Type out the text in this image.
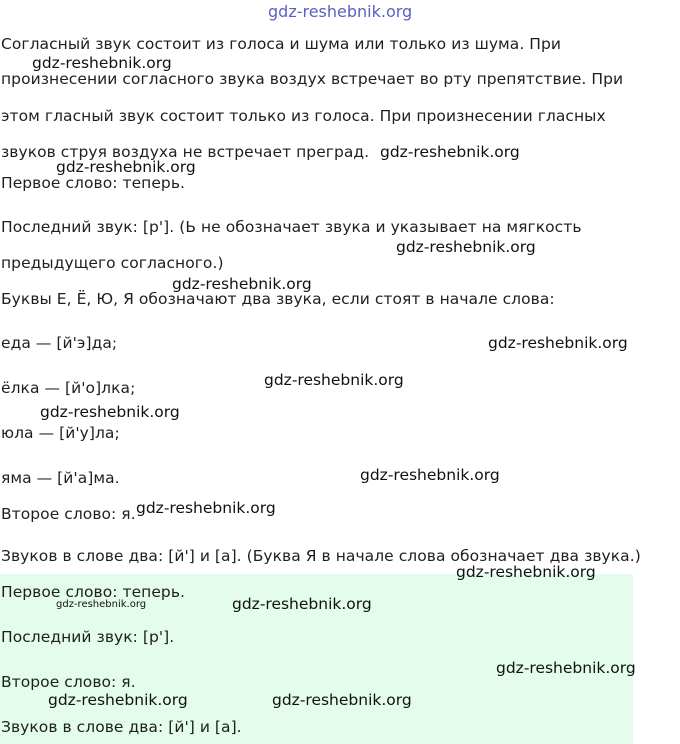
gdz-reshebnik.org
Согласный звук состоит из голоса и шума или только из шума. При
произнесении согласного звука воздух встречает во рту препятствие. При
этом гласный звук состоит только из голоса. При произнесении гласных
звуков струя воздуха не встречает преград.
Первое слово: теперь.
Последний звук: [р']. (Ь не обозначает звука и указывает на мягкость
предыдущего согласного.)
Буквы Е, Ё, Ю, Я обозначают два звука, если стоят в начале слова:
еда — [й'э]да;
ёлка — [й'о]лка;
юла — [й'у]ла;
яма — [й'а]ма.
Второе слово: я.
Звуков в слове два: [й'] и [а]. (Буква Я в начале слова обозначает два звука.)
Первое слово: теперь.
Последний звук: [р'].
Второе слово: я.
Звуков в слове два: [й'] и [а].
gdz-reshebnik.org
gdz-reshebnik.org
gdz-reshebnik.org
gdz-reshebnik.org
gdz-reshebnik.org
gdz-reshebnik.org
gdz-reshebnik.org
gdz-reshebnik.org
gdz-reshebnik.org
gdz-reshebnik.org
gdz-reshebnik.org
gdz-reshebnik.org	gdz-reshebnik.org
gdz-reshebnik.org
gdz-reshebnik.org	gdz-reshebnik.org
